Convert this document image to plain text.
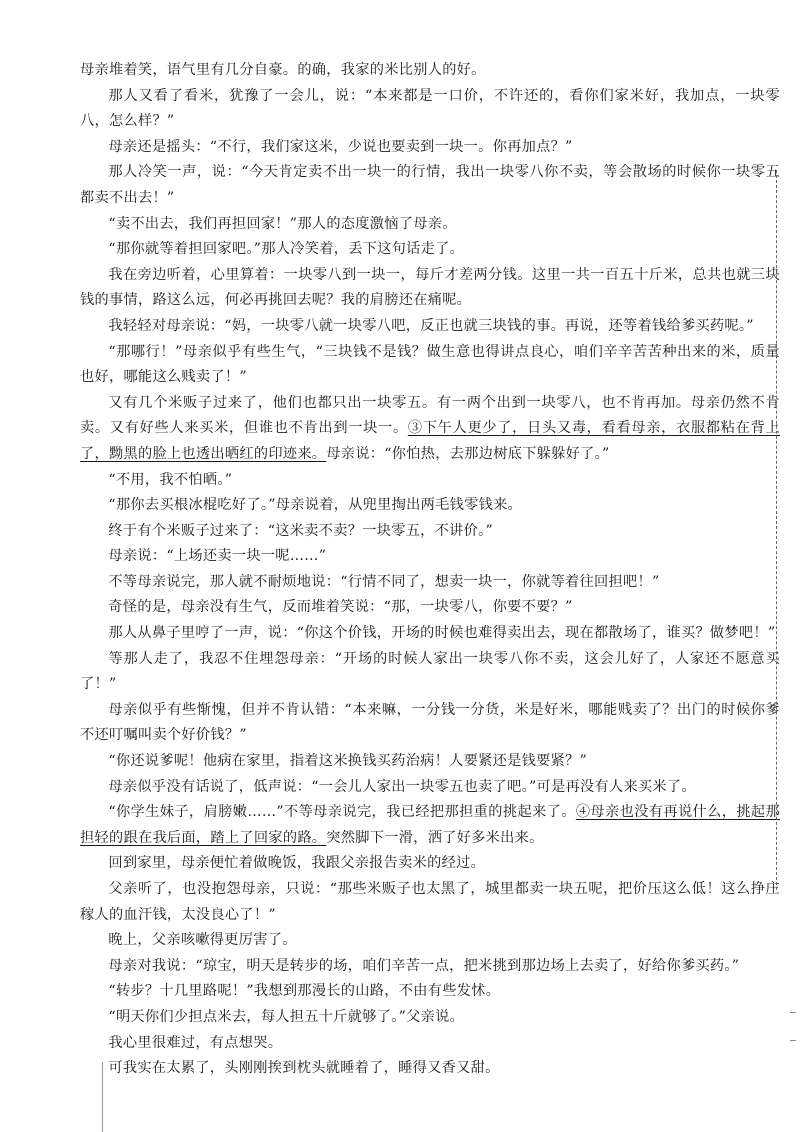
母亲堆着笑，语气里有几分自豪。的确，我家的米比别人的好。

那人又看了看米，犹豫了一会儿，说：“本来都是一口价，不许还的，看你们家米好，我加点，一块零八，怎么样？”

母亲还是摇头：“不行，我们家这米，少说也要卖到一块一。你再加点？”

那人冷笑一声，说：“今天肯定卖不出一块一的行情，我出一块零八你不卖，等会散场的时候你一块零五都卖不出去！”

“卖不出去，我们再担回家！”那人的态度激恼了母亲。

“那你就等着担回家吧。”那人冷笑着，丢下这句话走了。

我在旁边听着，心里算着：一块零八到一块一，每斤才差两分钱。这里一共一百五十斤米，总共也就三块钱的事情，路这么远，何必再挑回去呢？我的肩膀还在痛呢。

我轻轻对母亲说：“妈，一块零八就一块零八吧，反正也就三块钱的事。再说，还等着钱给爹买药呢。”

“那哪行！”母亲似乎有些生气，“三块钱不是钱？做生意也得讲点良心，咱们辛辛苦苦种出来的米，质量也好，哪能这么贱卖了！”

又有几个米贩子过来了，他们也都只出一块零五。有一两个出到一块零八，也不肯再加。母亲仍然不肯卖。又有好些人来买米，但谁也不肯出到一块一。③下午人更少了，日头又毒，看看母亲，衣服都粘在背上了，黝黑的脸上也透出晒红的印迹来。母亲说：“你怕热，去那边树底下躲躲好了。”

“不用，我不怕晒。”

“那你去买根冰棍吃好了。”母亲说着，从兜里掏出两毛钱零钱来。

终于有个米贩子过来了：“这米卖不卖？一块零五，不讲价。”

母亲说：“上场还卖一块一呢……”

不等母亲说完，那人就不耐烦地说：“行情不同了，想卖一块一，你就等着往回担吧！”

奇怪的是，母亲没有生气，反而堆着笑说：“那，一块零八，你要不要？”

那人从鼻子里哼了一声，说：“你这个价钱，开场的时候也难得卖出去，现在都散场了，谁买？做梦吧！”

等那人走了，我忍不住埋怨母亲：“开场的时候人家出一块零八你不卖，这会儿好了，人家还不愿意买了！”

母亲似乎有些惭愧，但并不肯认错：“本来嘛，一分钱一分货，米是好米，哪能贱卖了？出门的时候你爹不还叮嘱叫卖个好价钱？”

“你还说爹呢！他病在家里，指着这米换钱买药治病！人要紧还是钱要紧？”

母亲似乎没有话说了，低声说：“一会儿人家出一块零五也卖了吧。”可是再没有人来买米了。

“你学生妹子，肩膀嫩……”不等母亲说完，我已经把那担重的挑起来了。④母亲也没有再说什么，挑起那担轻的跟在我后面，踏上了回家的路。突然脚下一滑，洒了好多米出来。

回到家里，母亲便忙着做晚饭，我跟父亲报告卖米的经过。

父亲听了，也没抱怨母亲，只说：“那些米贩子也太黑了，城里都卖一块五呢，把价压这么低！这么挣庄稼人的血汗钱，太没良心了！”

晚上，父亲咳嗽得更厉害了。

母亲对我说：“琼宝，明天是转步的场，咱们辛苦一点，把米挑到那边场上去卖了，好给你爹买药。”

“转步？十几里路呢！”我想到那漫长的山路，不由有些发怵。

“明天你们少担点米去，每人担五十斤就够了。”父亲说。

我心里很难过，有点想哭。

可我实在太累了，头刚刚挨到枕头就睡着了，睡得又香又甜。
